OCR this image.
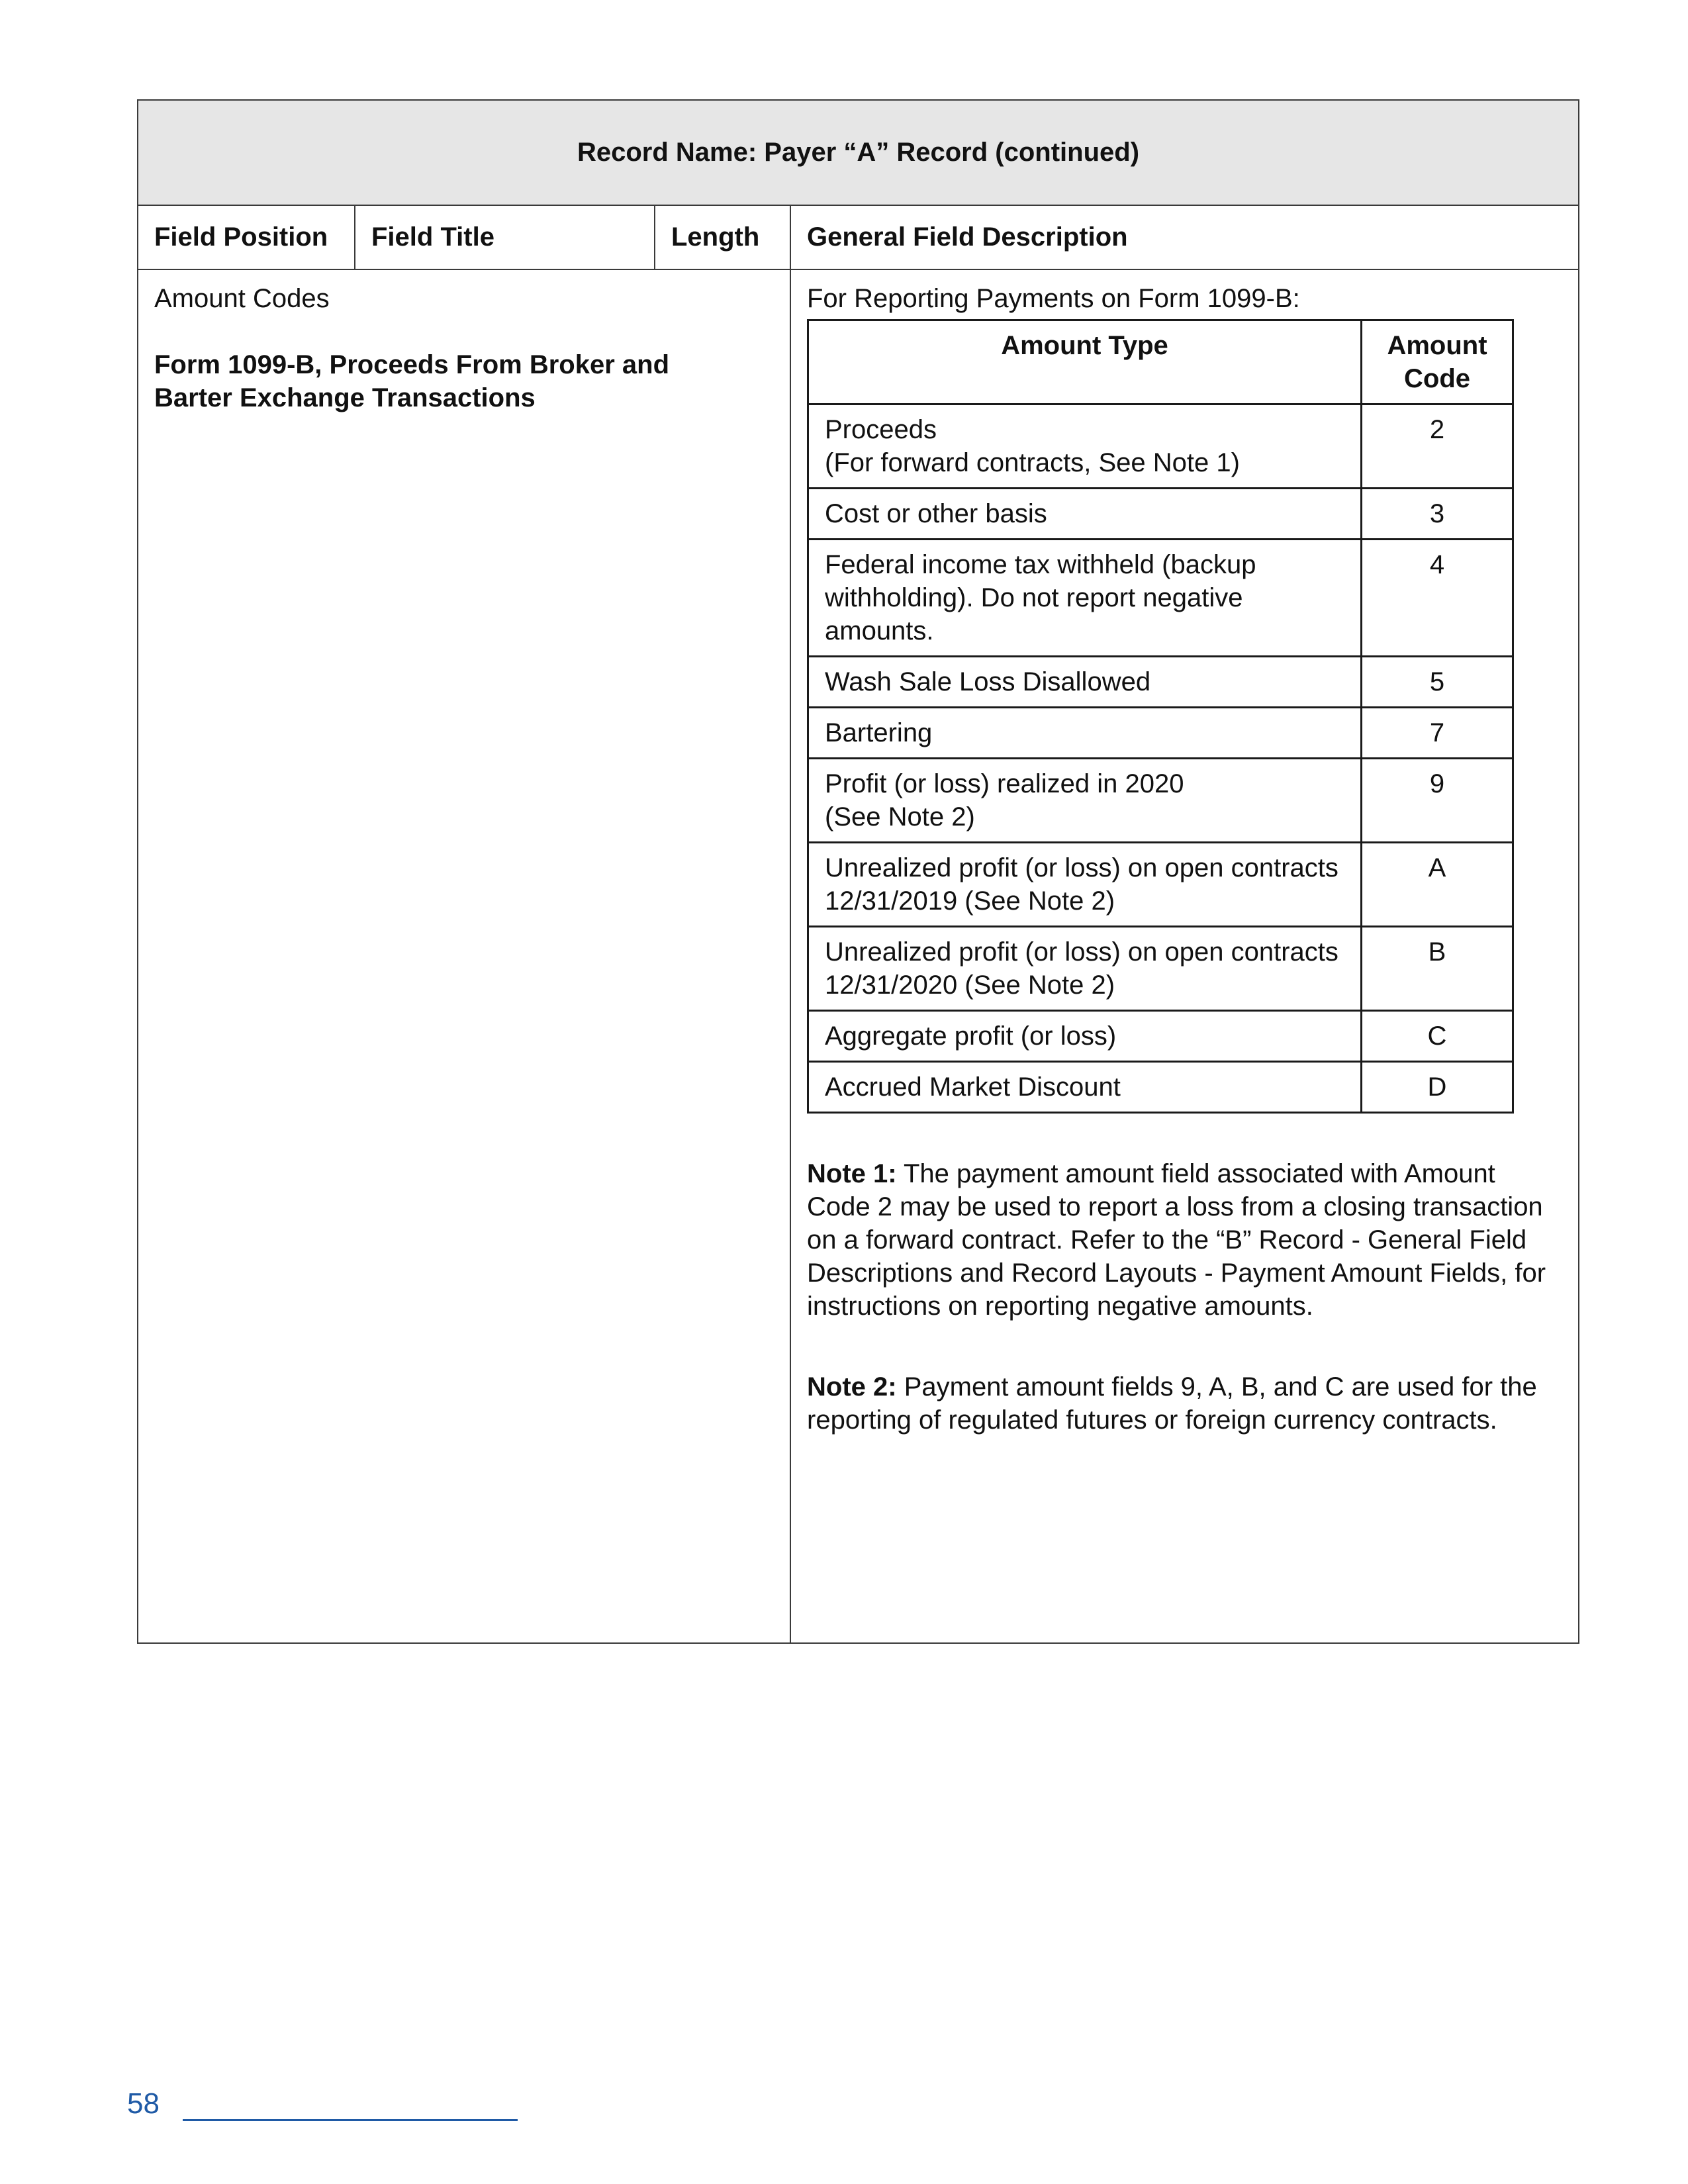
Record Name: Payer “A” Record (continued)
Field Position	Field Title	Length	General Field Description

Amount Codes
Form 1099-B, Proceeds From Broker and
Barter Exchange Transactions

For Reporting Payments on Form 1099-B:
Amount Type	Amount
Code
Proceeds
(For forward contracts, See Note 1)	2
Cost or other basis	3
Federal income tax withheld (backup withholding). Do not report negative amounts.	4
Wash Sale Loss Disallowed	5
Bartering	7
Profit (or loss) realized in 2020
(See Note 2)	9
Unrealized profit (or loss) on open contracts 12/31/2019 (See Note 2)	A
Unrealized profit (or loss) on open contracts 12/31/2020 (See Note 2)	B
Aggregate profit (or loss)	C
Accrued Market Discount	D
Note 1: The payment amount field associated with Amount Code 2 may be used to report a loss from a closing transaction on a forward contract. Refer to the “B” Record - General Field Descriptions and Record Layouts - Payment Amount Fields, for instructions on reporting negative amounts.
Note 2: Payment amount fields 9, A, B, and C are used for the reporting of regulated futures or foreign currency contracts.
58
